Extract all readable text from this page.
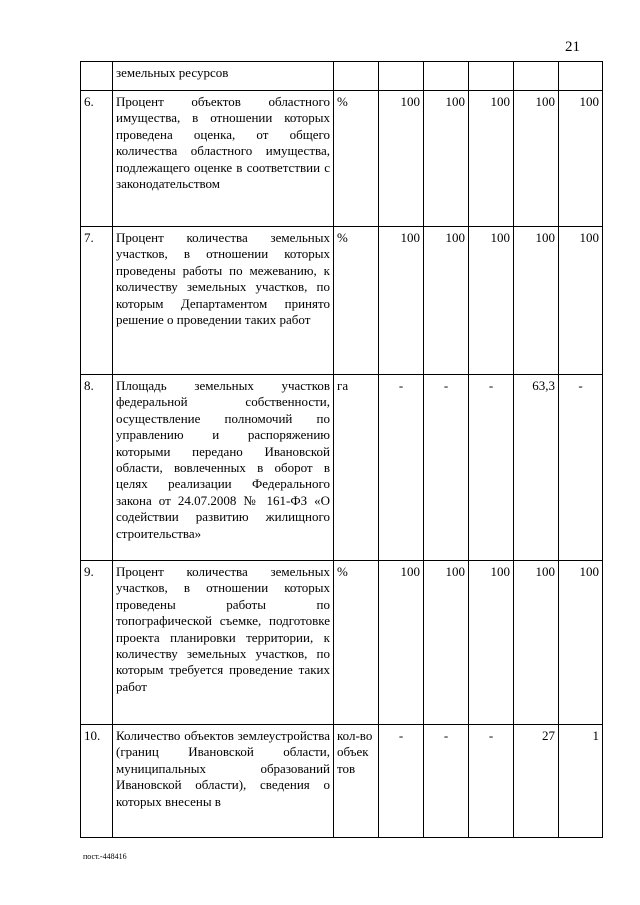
21
	земельных ресурсов						
6.	Процент объектов областного имущества, в отношении которых проведена оценка, от общего количества областного имущества, подлежащего оценке в соответствии с законодательством	%	100	100	100	100	100
7.	Процент количества земельных участков, в отношении которых проведены работы по межеванию, к количеству земельных участков, по которым Департаментом принято решение о проведении таких работ	%	100	100	100	100	100
8.	Площадь земельных участков федеральной собственности, осуществление полномочий по управлению и распоряжению которыми передано Ивановской области, вовлеченных в оборот в целях реализации Федерального закона от 24.07.2008 № 161-ФЗ «О содействии развитию жилищного строительства»	га	-	-	-	63,3	-
9.	Процент количества земельных участков, в отношении которых проведены работы по топографической съемке, подготовке проекта планировки территории, к количеству земельных участков, по которым требуется проведение таких работ	%	100	100	100	100	100
10.	Количество объектов землеустройства (границ Ивановской области, муниципальных образований Ивановской области), сведения о которых внесены в	кол-во объек тов	-	-	-	27	1
пост.-448416
